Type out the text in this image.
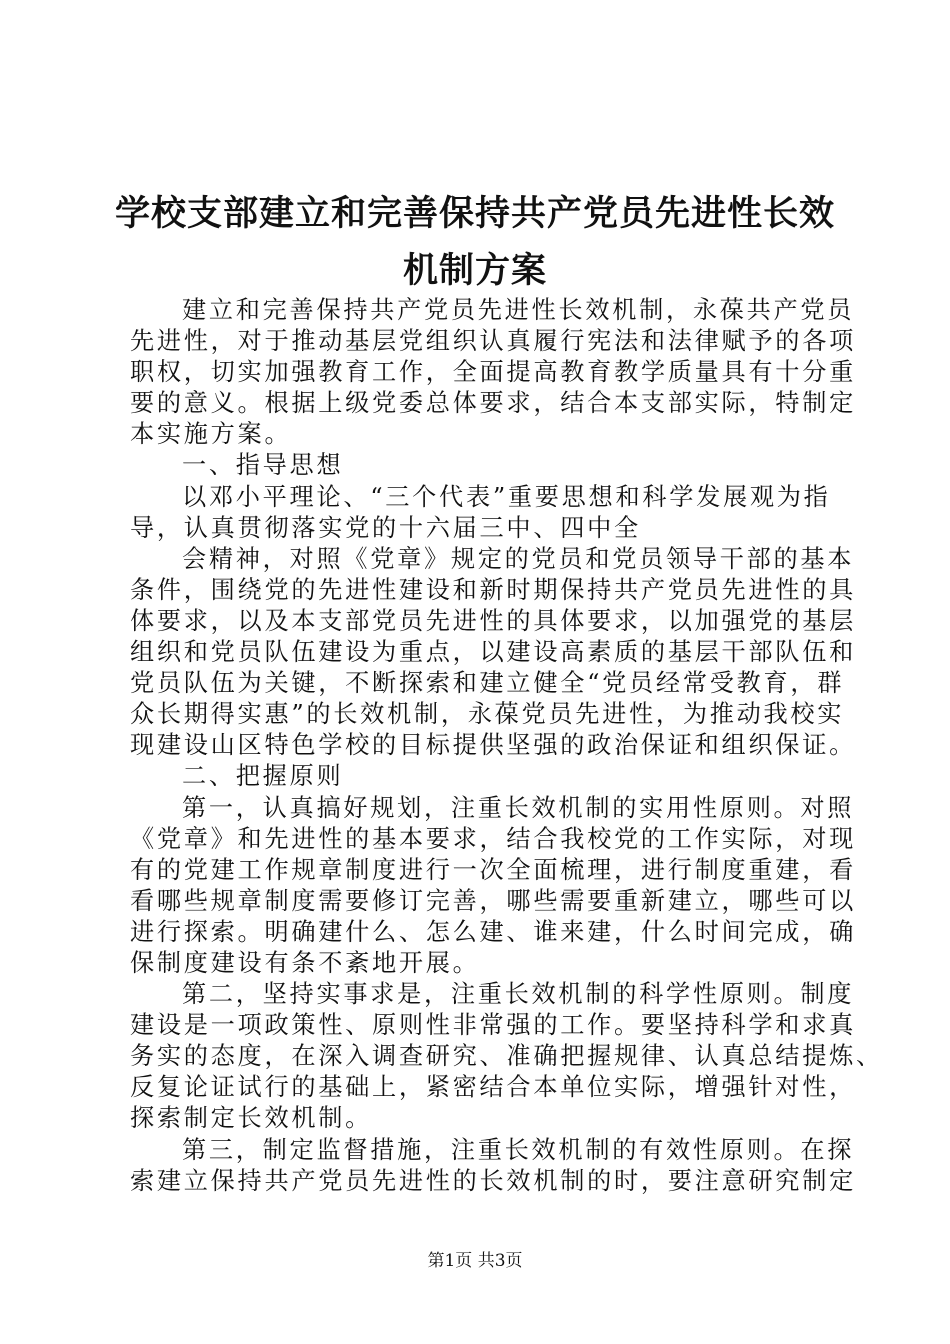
学校支部建立和完善保持共产党员先进性长效
机制方案
建立和完善保持共产党员先进性长效机制，永葆共产党员
先进性，对于推动基层党组织认真履行宪法和法律赋予的各项
职权，切实加强教育工作，全面提高教育教学质量具有十分重
要的意义。根据上级党委总体要求，结合本支部实际，特制定
本实施方案。
一、指导思想
以邓小平理论、“三个代表”重要思想和科学发展观为指
导，认真贯彻落实党的十六届三中、四中全
会精神，对照《党章》规定的党员和党员领导干部的基本
条件，围绕党的先进性建设和新时期保持共产党员先进性的具
体要求，以及本支部党员先进性的具体要求，以加强党的基层
组织和党员队伍建设为重点，以建设高素质的基层干部队伍和
党员队伍为关键，不断探索和建立健全“党员经常受教育，群
众长期得实惠”的长效机制，永葆党员先进性，为推动我校实
现建设山区特色学校的目标提供坚强的政治保证和组织保证。
二、把握原则
第一，认真搞好规划，注重长效机制的实用性原则。对照
《党章》和先进性的基本要求，结合我校党的工作实际，对现
有的党建工作规章制度进行一次全面梳理，进行制度重建，看
看哪些规章制度需要修订完善，哪些需要重新建立，哪些可以
进行探索。明确建什么、怎么建、谁来建，什么时间完成，确
保制度建设有条不紊地开展。
第二，坚持实事求是，注重长效机制的科学性原则。制度
建设是一项政策性、原则性非常强的工作。要坚持科学和求真
务实的态度，在深入调查研究、准确把握规律、认真总结提炼、
反复论证试行的基础上，紧密结合本单位实际，增强针对性，
探索制定长效机制。
第三，制定监督措施，注重长效机制的有效性原则。在探
索建立保持共产党员先进性的长效机制的时，要注意研究制定
第1页 共3页
